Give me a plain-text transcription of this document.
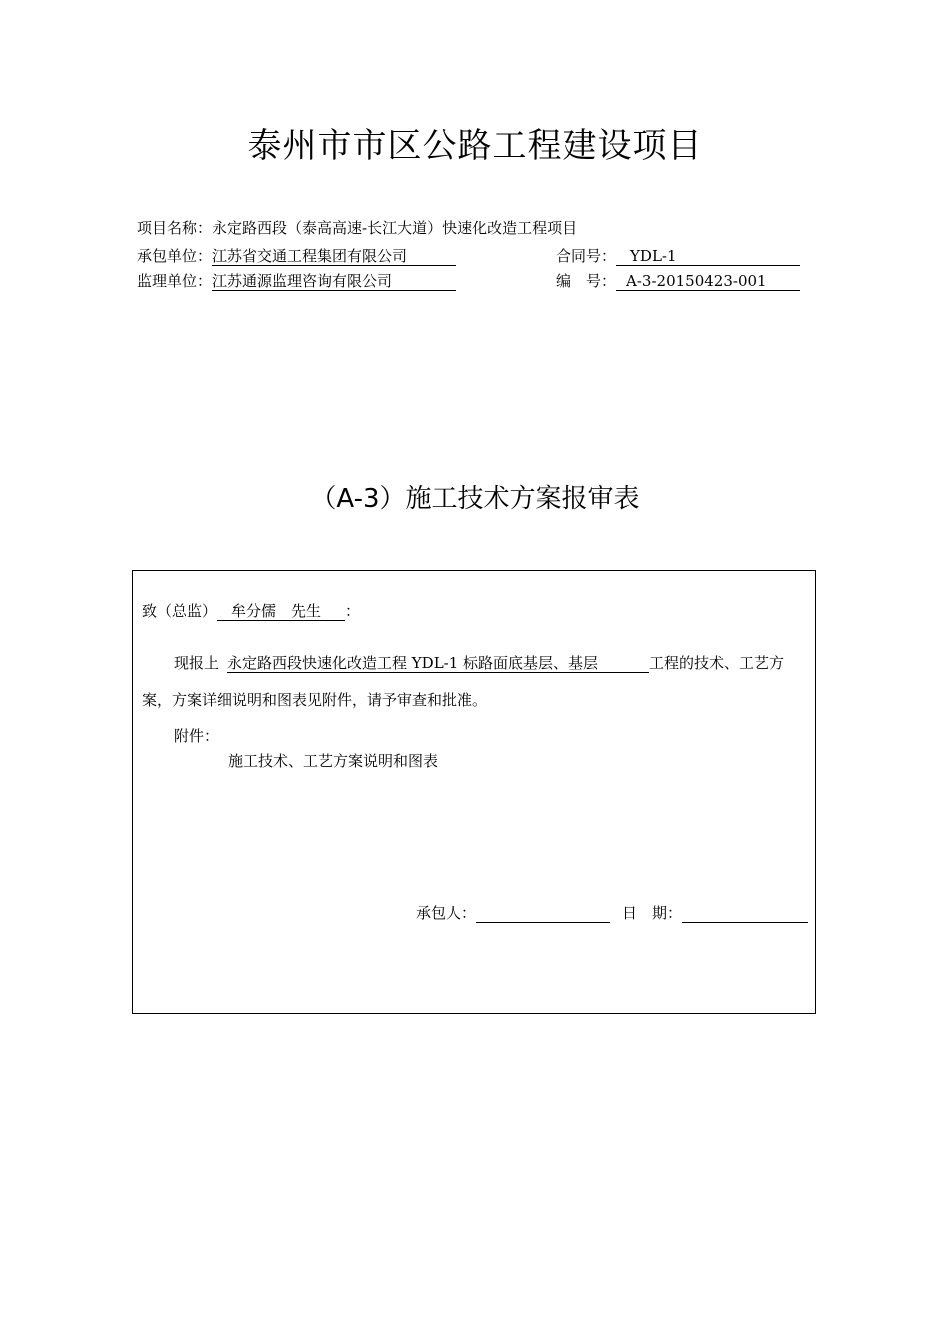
泰州市市区公路工程建设项目
项目名称：永定路西段（泰高高速-长江大道）快速化改造工程项目
承包单位：江苏省交通工程集团有限公司	合同号： YDL-1
监理单位：江苏通源监理咨询有限公司	编　号： A-3-20150423-001
（A-3）施工技术方案报审表
致（总监） 牟分儒　先生 ：
现报上 永定路西段快速化改造工程 YDL-1 标路面底基层、基层	工程的技术、工艺方
案，方案详细说明和图表见附件，请予审查和批准。
附件：
施工技术、工艺方案说明和图表
承包人：	日　期：
